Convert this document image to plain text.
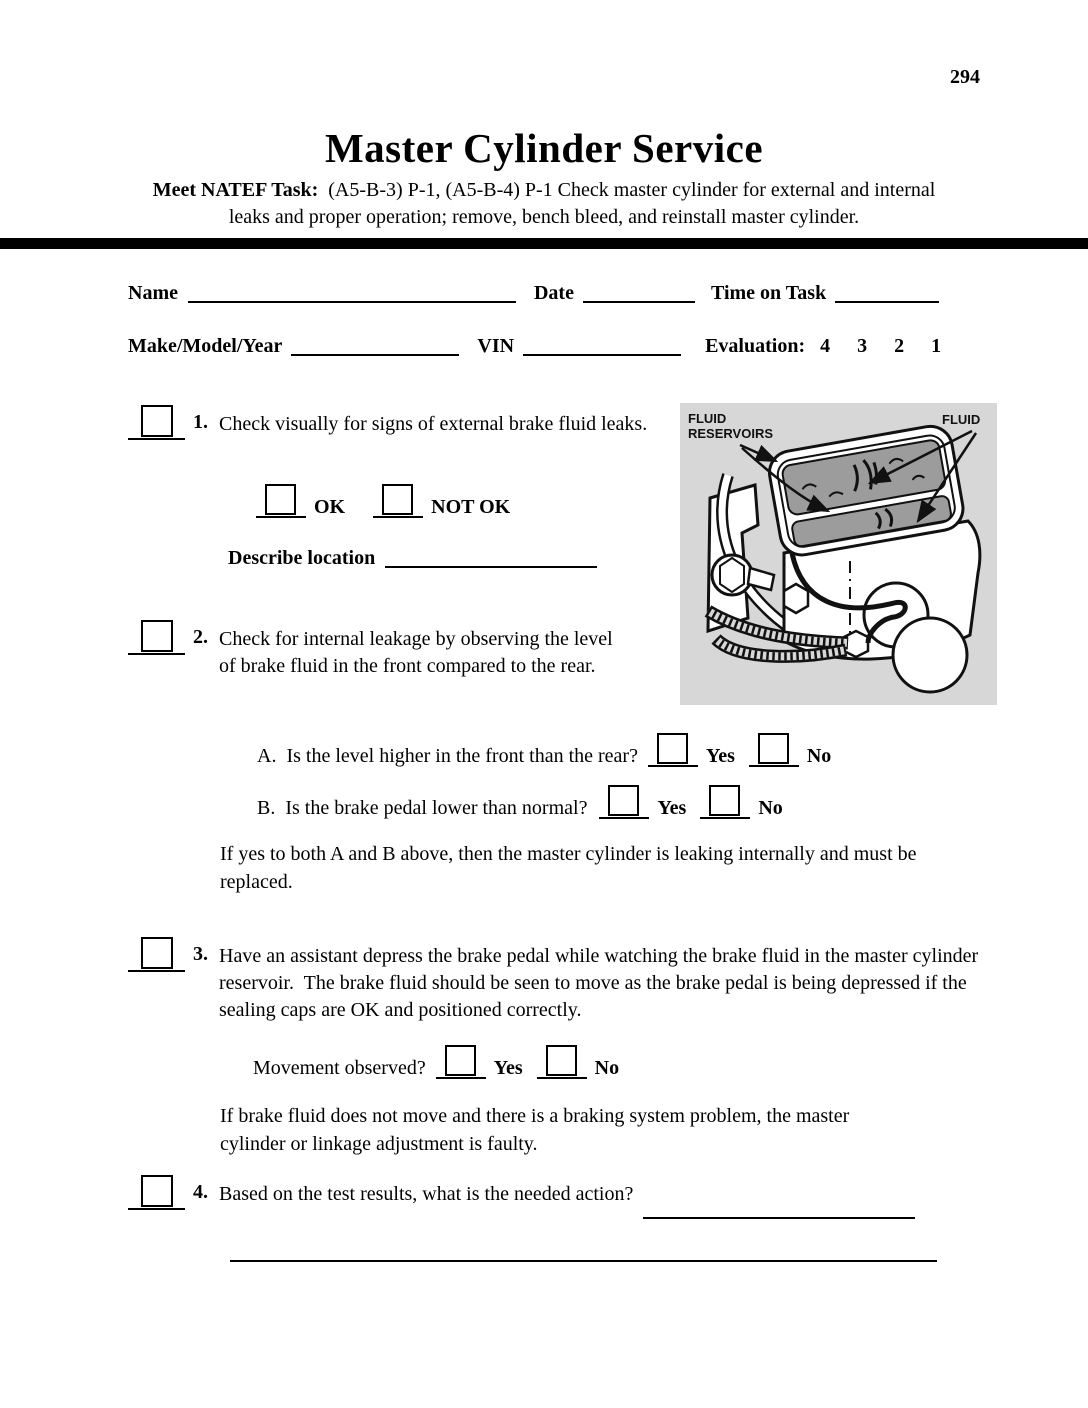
294
Master Cylinder Service
Meet NATEF Task:  (A5-B-3) P-1, (A5-B-4) P-1 Check master cylinder for external and internal
leaks and proper operation; remove, bench bleed, and reinstall master cylinder.
Name	Date	Time on Task
Make/Model/Year	VIN	Evaluation: 4 3 2 1
1. Check visually for signs of external brake fluid leaks.
OK	NOT OK
Describe location
FLUID
RESERVOIRS
FLUID
2. Check for internal leakage by observing the level of brake fluid in the front compared to the rear.
A.  Is the level higher in the front than the rear?	Yes	No
B.  Is the brake pedal lower than normal?	Yes	No
If yes to both A and B above, then the master cylinder is leaking internally and must be replaced.
3. Have an assistant depress the brake pedal while watching the brake fluid in the master cylinder reservoir.  The brake fluid should be seen to move as the brake pedal is being depressed if the sealing caps are OK and positioned correctly.
Movement observed?	Yes	No
If brake fluid does not move and there is a braking system problem, the master cylinder or linkage adjustment is faulty.
4. Based on the test results, what is the needed action?
